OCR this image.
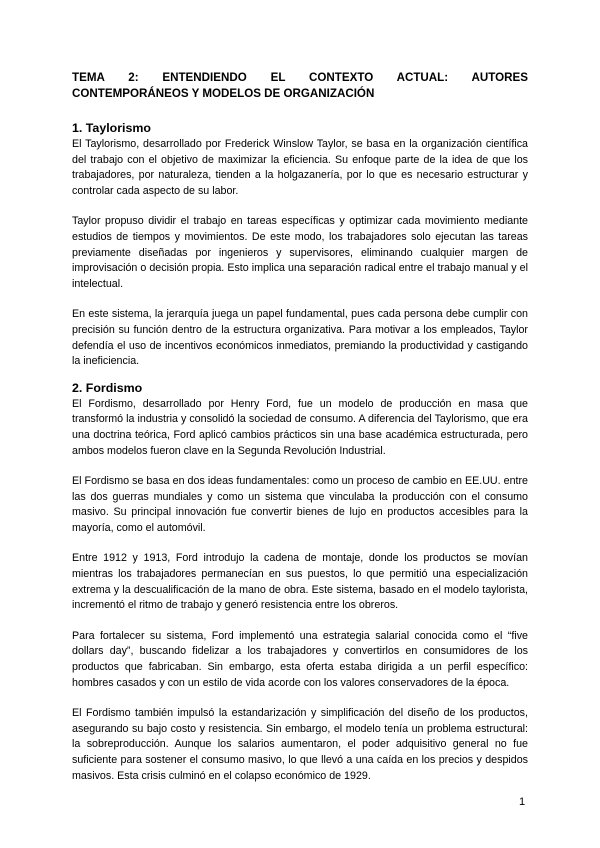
TEMA 2: ENTENDIENDO EL CONTEXTO ACTUAL: AUTORES
CONTEMPORÁNEOS Y MODELOS DE ORGANIZACIÓN
1. Taylorismo

El Taylorismo, desarrollado por Frederick Winslow Taylor, se basa en la organización científica del trabajo con el objetivo de maximizar la eficiencia. Su enfoque parte de la idea de que los trabajadores, por naturaleza, tienden a la holgazanería, por lo que es necesario estructurar y controlar cada aspecto de su labor.

Taylor propuso dividir el trabajo en tareas específicas y optimizar cada movimiento mediante estudios de tiempos y movimientos. De este modo, los trabajadores solo ejecutan las tareas previamente diseñadas por ingenieros y supervisores, eliminando cualquier margen de improvisación o decisión propia. Esto implica una separación radical entre el trabajo manual y el intelectual.

En este sistema, la jerarquía juega un papel fundamental, pues cada persona debe cumplir con precisión su función dentro de la estructura organizativa. Para motivar a los empleados, Taylor defendía el uso de incentivos económicos inmediatos, premiando la productividad y castigando la ineficiencia.

2. Fordismo

El Fordismo, desarrollado por Henry Ford, fue un modelo de producción en masa que transformó la industria y consolidó la sociedad de consumo. A diferencia del Taylorismo, que era una doctrina teórica, Ford aplicó cambios prácticos sin una base académica estructurada, pero ambos modelos fueron clave en la Segunda Revolución Industrial.

El Fordismo se basa en dos ideas fundamentales: como un proceso de cambio en EE.UU. entre las dos guerras mundiales y como un sistema que vinculaba la producción con el consumo masivo. Su principal innovación fue convertir bienes de lujo en productos accesibles para la mayoría, como el automóvil.

Entre 1912 y 1913, Ford introdujo la cadena de montaje, donde los productos se movían mientras los trabajadores permanecían en sus puestos, lo que permitió una especialización extrema y la descualificación de la mano de obra. Este sistema, basado en el modelo taylorista, incrementó el ritmo de trabajo y generó resistencia entre los obreros.

Para fortalecer su sistema, Ford implementó una estrategia salarial conocida como el “five dollars day”, buscando fidelizar a los trabajadores y convertirlos en consumidores de los productos que fabricaban. Sin embargo, esta oferta estaba dirigida a un perfil específico: hombres casados y con un estilo de vida acorde con los valores conservadores de la época.

El Fordismo también impulsó la estandarización y simplificación del diseño de los productos, asegurando su bajo costo y resistencia. Sin embargo, el modelo tenía un problema estructural: la sobreproducción. Aunque los salarios aumentaron, el poder adquisitivo general no fue suficiente para sostener el consumo masivo, lo que llevó a una caída en los precios y despidos masivos. Esta crisis culminó en el colapso económico de 1929.

1
